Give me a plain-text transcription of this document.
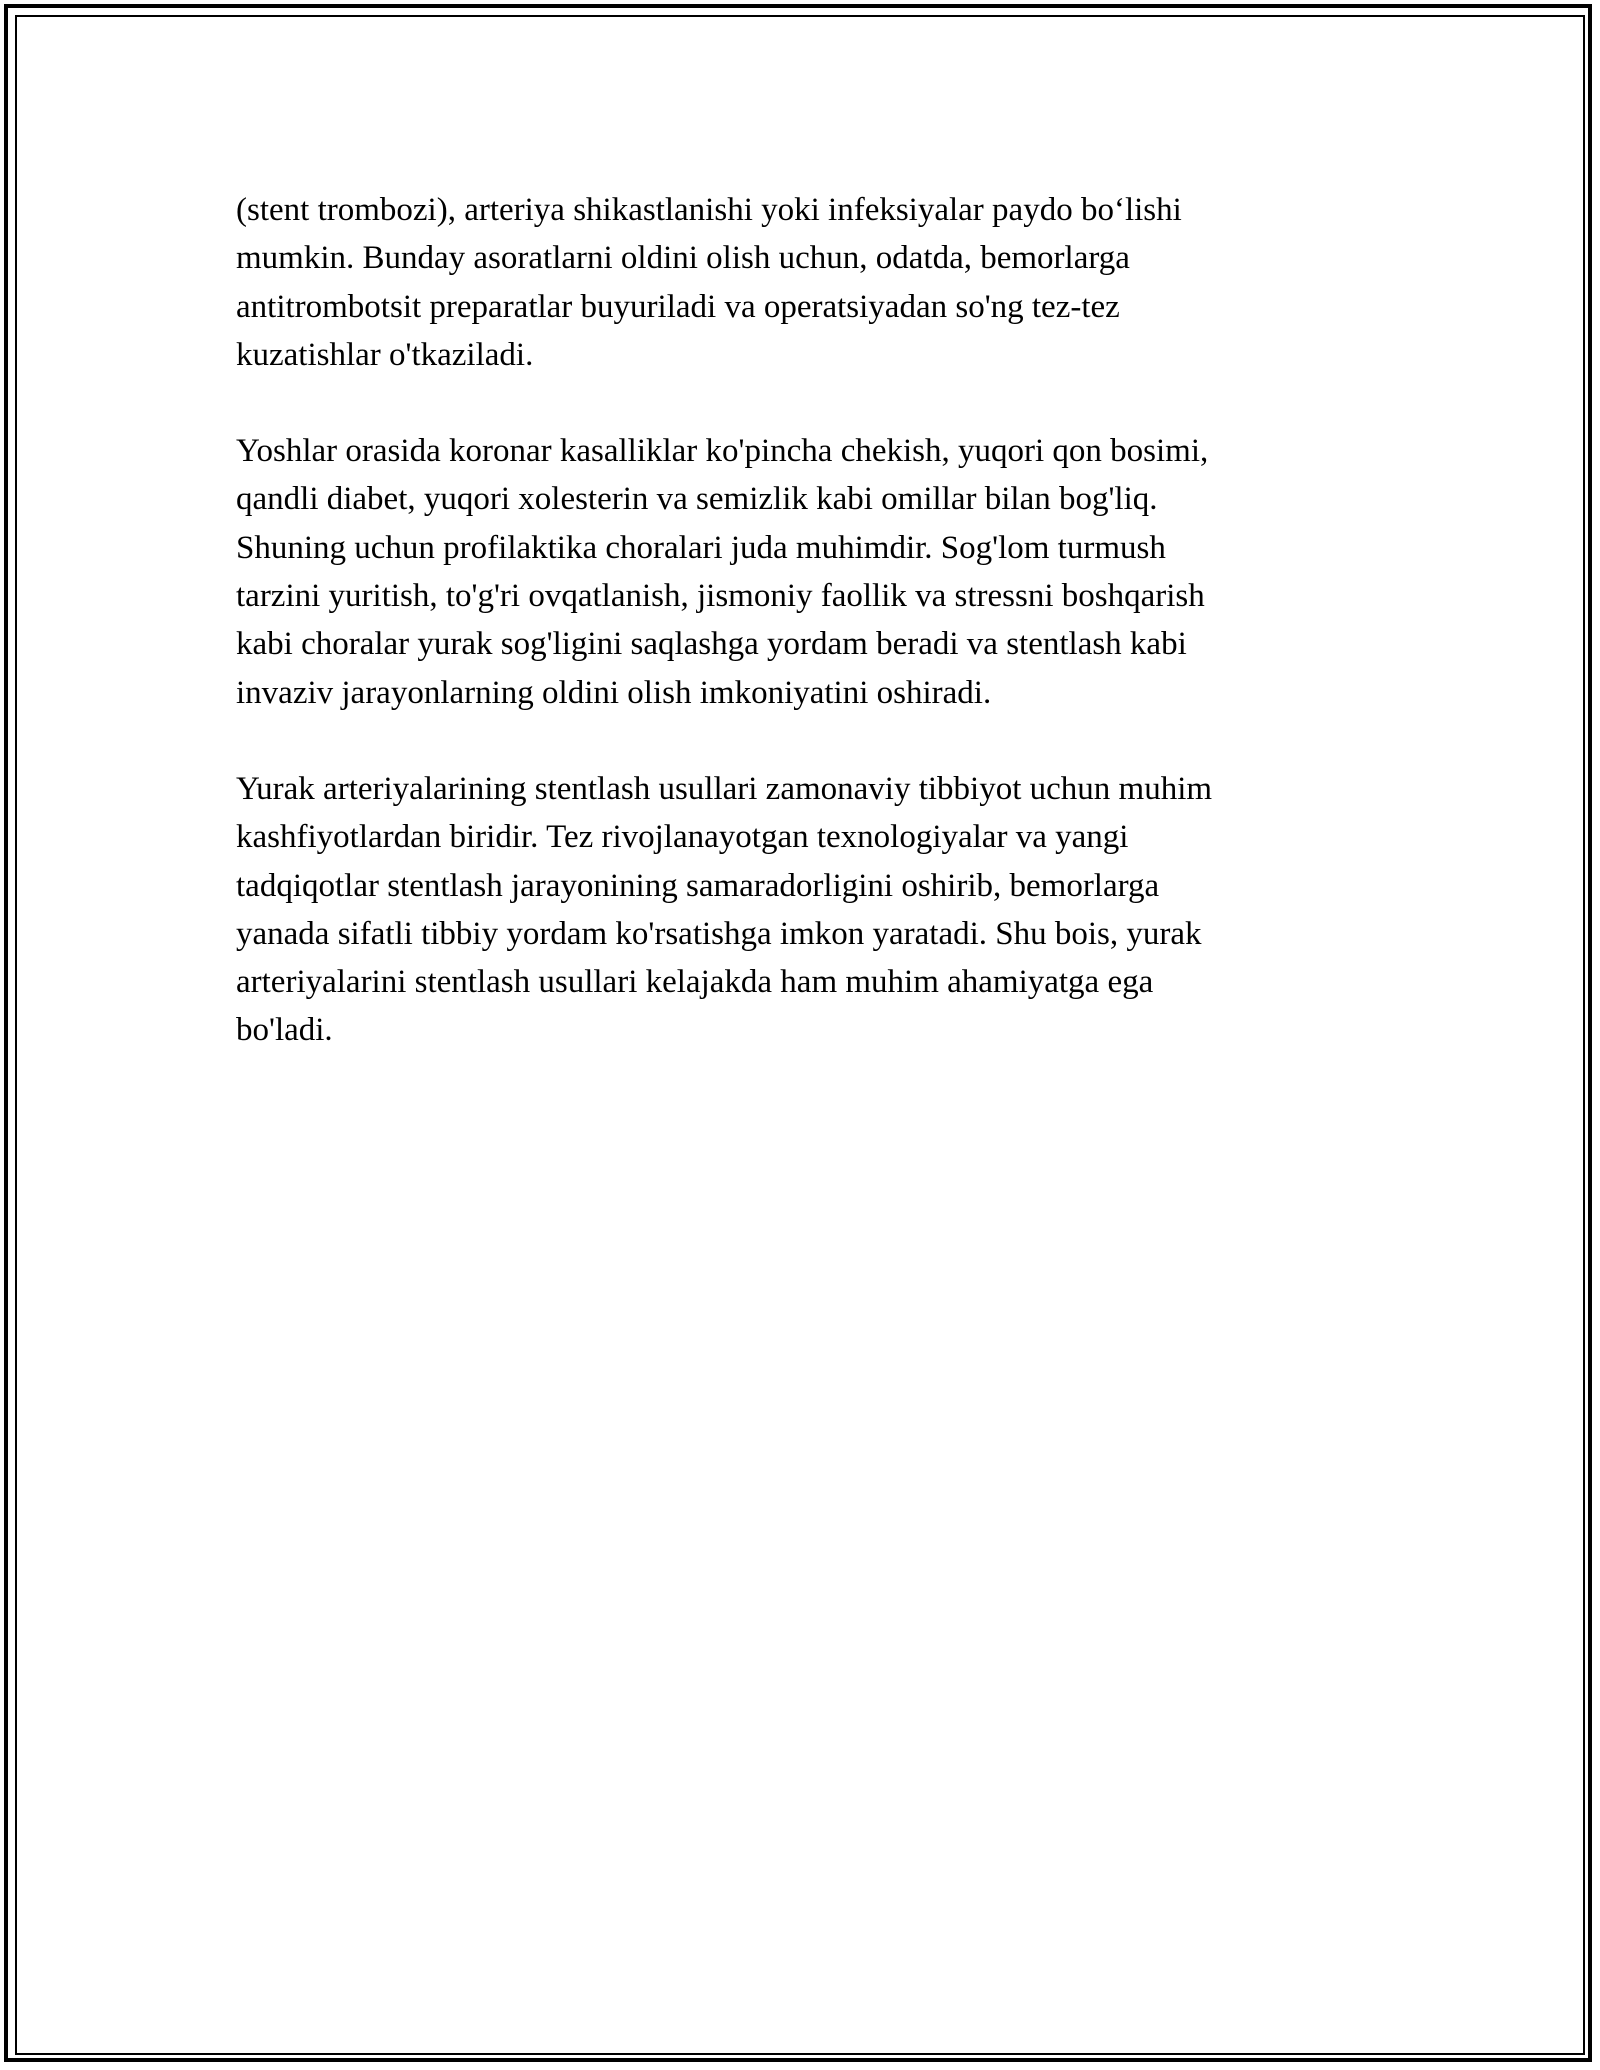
(stent trombozi), arteriya shikastlanishi yoki infeksiyalar paydo bo‘lishi
mumkin. Bunday asoratlarni oldini olish uchun, odatda, bemorlarga
antitrombotsit preparatlar buyuriladi va operatsiyadan so'ng tez-tez
kuzatishlar o'tkaziladi.

Yoshlar orasida koronar kasalliklar ko'pincha chekish, yuqori qon bosimi,
qandli diabet, yuqori xolesterin va semizlik kabi omillar bilan bog'liq.
Shuning uchun profilaktika choralari juda muhimdir. Sog'lom turmush
tarzini yuritish, to'g'ri ovqatlanish, jismoniy faollik va stressni boshqarish
kabi choralar yurak sog'ligini saqlashga yordam beradi va stentlash kabi
invaziv jarayonlarning oldini olish imkoniyatini oshiradi.

Yurak arteriyalarining stentlash usullari zamonaviy tibbiyot uchun muhim
kashfiyotlardan biridir. Tez rivojlanayotgan texnologiyalar va yangi
tadqiqotlar stentlash jarayonining samaradorligini oshirib, bemorlarga
yanada sifatli tibbiy yordam ko'rsatishga imkon yaratadi. Shu bois, yurak
arteriyalarini stentlash usullari kelajakda ham muhim ahamiyatga ega
bo'ladi.
